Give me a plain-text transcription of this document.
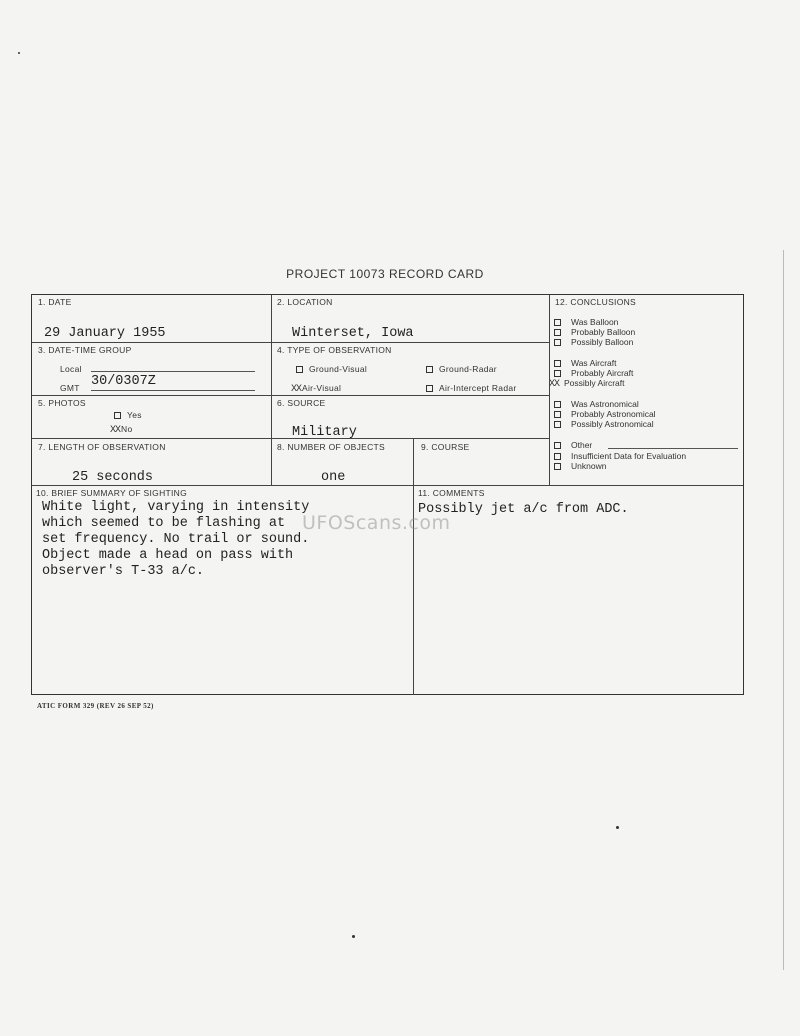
PROJECT 10073 RECORD CARD
1. DATE
29 January 1955
2. LOCATION
Winterset, Iowa
3. DATE-TIME GROUP
Local
GMT 30/0307Z
4. TYPE OF OBSERVATION
Ground-Visual	Ground-Radar
XXAir-Visual	Air-Intercept Radar
5. PHOTOS
Yes
XXNo
6. SOURCE
Military
7. LENGTH OF OBSERVATION
25 seconds
8. NUMBER OF OBJECTS
one
9. COURSE
10. BRIEF SUMMARY OF SIGHTING
White light, varying in intensity
which seemed to be flashing at
set frequency. No trail or sound.
Object made a head on pass with
observer's T-33 a/c.
11. COMMENTS
Possibly jet a/c from ADC.
12. CONCLUSIONS
Was Balloon
Probably Balloon
Possibly Balloon
Was Aircraft
Probably Aircraft
XX Possibly Aircraft
Was Astronomical
Probably Astronomical
Possibly Astronomical
Other
Insufficient Data for Evaluation
Unknown
UFOScans.com
ATIC FORM 329 (REV 26 SEP 52)
